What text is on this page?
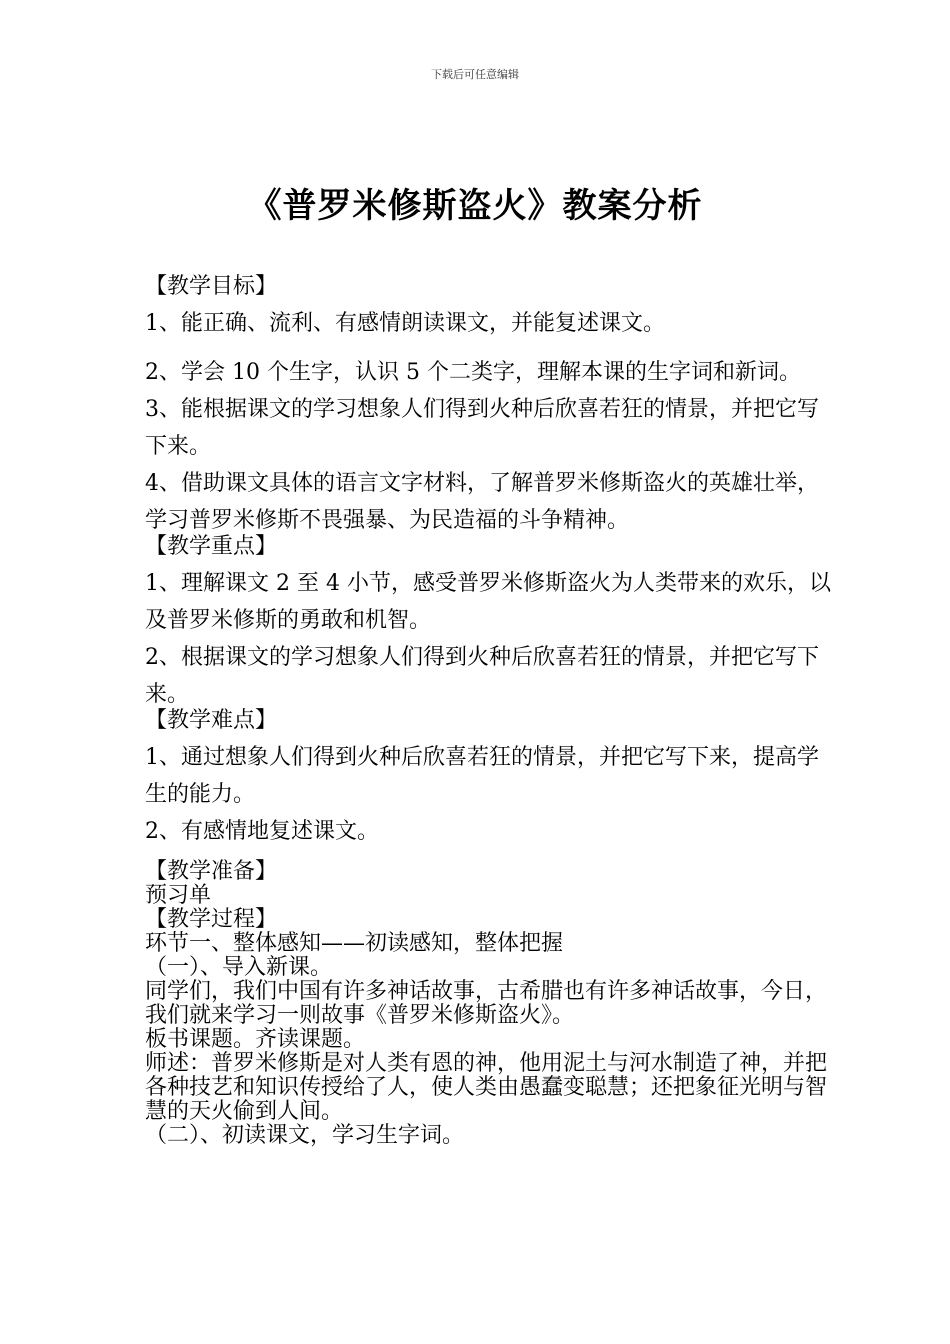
下载后可任意编辑
《普罗米修斯盗火》教案分析
【教学目标】
1、能正确、流利、有感情朗读课文，并能复述课文。
2、学会 10 个生字，认识 5 个二类字，理解本课的生字词和新词。
3、能根据课文的学习想象人们得到火种后欣喜若狂的情景，并把它写下来。
4、借助课文具体的语言文字材料，了解普罗米修斯盗火的英雄壮举，学习普罗米修斯不畏强暴、为民造福的斗争精神。
【教学重点】
1、理解课文 2 至 4 小节，感受普罗米修斯盗火为人类带来的欢乐，以及普罗米修斯的勇敢和机智。
2、根据课文的学习想象人们得到火种后欣喜若狂的情景，并把它写下来。
【教学难点】
1、通过想象人们得到火种后欣喜若狂的情景，并把它写下来，提高学生的能力。
2、有感情地复述课文。
【教学准备】
预习单
【教学过程】
环节一、整体感知——初读感知，整体把握
（一）、导入新课。
同学们，我们中国有许多神话故事，古希腊也有许多神话故事，今日，我们就来学习一则故事《普罗米修斯盗火》。
板书课题。齐读课题。
师述：普罗米修斯是对人类有恩的神，他用泥土与河水制造了神，并把各种技艺和知识传授给了人，使人类由愚蠢变聪慧；还把象征光明与智慧的天火偷到人间。
（二）、初读课文，学习生字词。
